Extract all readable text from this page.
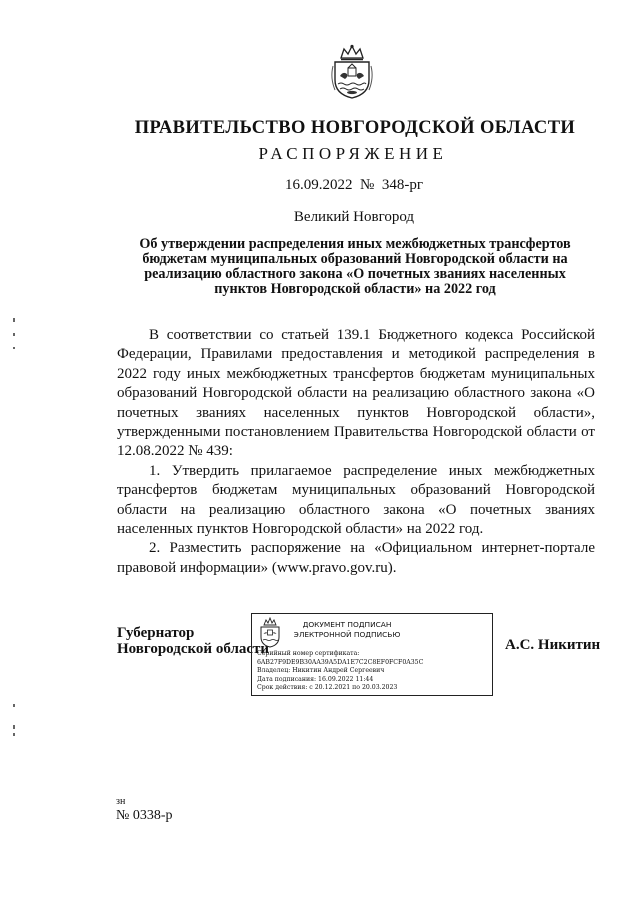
ПРАВИТЕЛЬСТВО НОВГОРОДСКОЙ ОБЛАСТИ
РАСПОРЯЖЕНИЕ
16.09.2022 № 348-рг
Великий Новгород
Об утверждении распределения иных межбюджетных трансфертов бюджетам муниципальных образований Новгородской области на реализацию областного закона «О почетных званиях населенных пунктов Новгородской области» на 2022 год

В соответствии со статьей 139.1 Бюджетного кодекса Российской Федерации, Правилами предоставления и методикой распределения в 2022 году иных межбюджетных трансфертов бюджетам муниципальных образований Новгородской области на реализацию областного закона «О почетных званиях населенных пунктов Новгородской области», утвержденными постановлением Правительства Новгородской области от 12.08.2022 № 439:

1. Утвердить прилагаемое распределение иных межбюджетных трансфертов бюджетам муниципальных образований Новгородской области на реализацию областного закона «О почетных званиях населенных пунктов Новгородской области» на 2022 год.

2. Разместить распоряжение на «Официальном интернет-портале правовой информации» (www.pravo.gov.ru).

Губернатор
Новгородской области
ДОКУМЕНТ ПОДПИСАН
ЭЛЕКТРОННОЙ ПОДПИСЬЮ
Серийный номер сертификата:
6AB27F9DE9B30AA39A5DA1E7C2C8EF0FCF0A35C
Владелец: Никитин Андрей Сергеевич
Дата подписания: 16.09.2022 11:44
Срок действия: с 20.12.2021 по 20.03.2023
А.С. Никитин
зн
№ 0338-р
